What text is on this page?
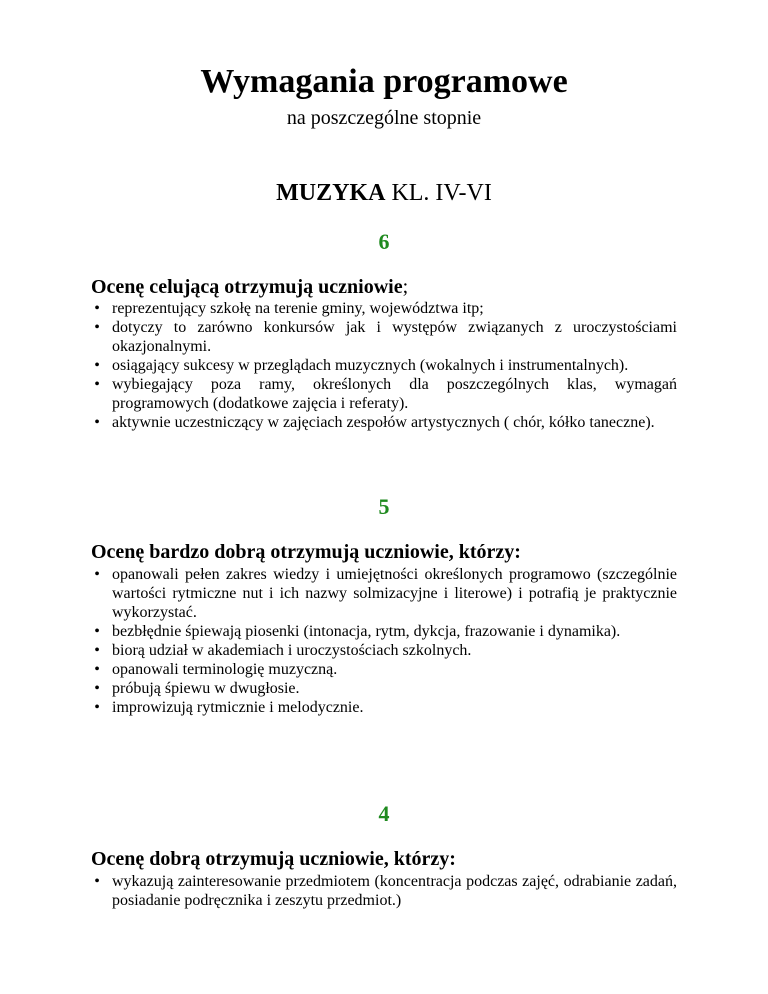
Wymagania programowe
na poszczególne stopnie
MUZYKA KL. IV-VI
6
Ocenę celującą otrzymują uczniowie;
• reprezentujący szkołę na terenie gminy, województwa itp;
• dotyczy to zarówno konkursów jak i występów związanych z uroczystościami okazjonalnymi.
• osiągający sukcesy w przeglądach muzycznych (wokalnych i instrumentalnych).
• wybiegający poza ramy, określonych dla poszczególnych klas, wymagań programowych (dodatkowe zajęcia i referaty).
• aktywnie uczestniczący w zajęciach zespołów artystycznych ( chór, kółko taneczne).
5
Ocenę bardzo dobrą otrzymują uczniowie, którzy:
• opanowali pełen zakres wiedzy i umiejętności określonych programowo (szczególnie wartości rytmiczne nut i ich nazwy solmizacyjne i literowe) i potrafią je praktycznie wykorzystać.
• bezbłędnie śpiewają piosenki (intonacja, rytm, dykcja, frazowanie i dynamika).
• biorą udział w akademiach i uroczystościach szkolnych.
• opanowali terminologię muzyczną.
• próbują śpiewu w dwugłosie.
• improwizują rytmicznie i melodycznie.
4
Ocenę dobrą otrzymują uczniowie, którzy:
• wykazują zainteresowanie przedmiotem (koncentracja podczas zajęć, odrabianie zadań, posiadanie podręcznika i zeszytu przedmiot.)
